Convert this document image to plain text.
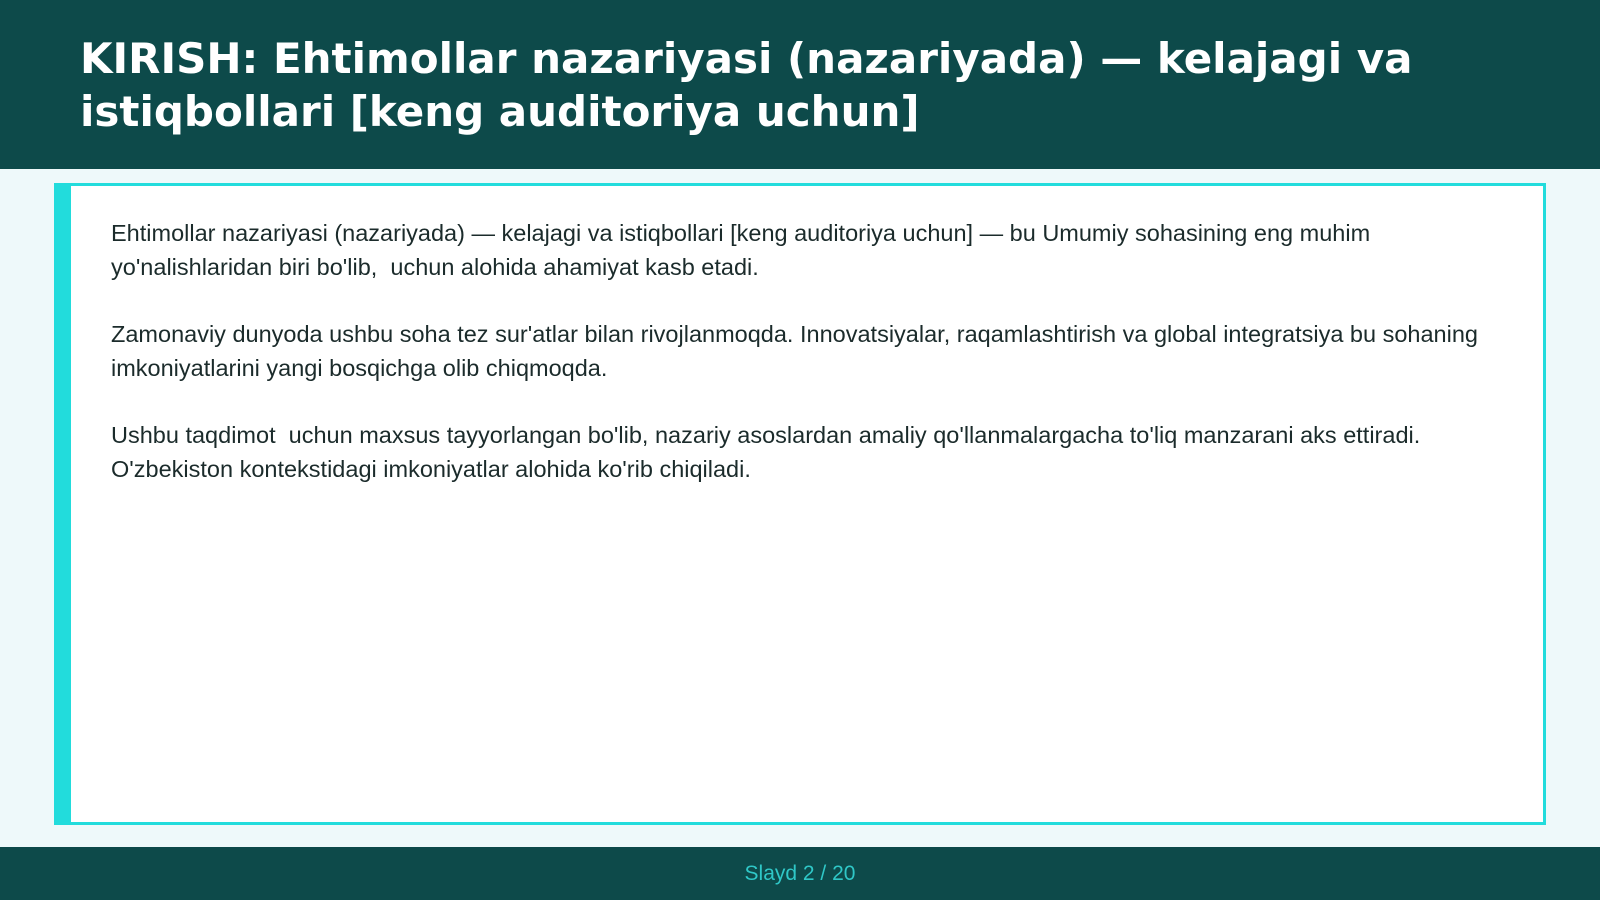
KIRISH: Ehtimollar nazariyasi (nazariyada) — kelajagi va istiqbollari [keng auditoriya uchun]

Ehtimollar nazariyasi (nazariyada) — kelajagi va istiqbollari [keng auditoriya uchun] — bu Umumiy sohasining eng muhim yo'nalishlaridan biri bo'lib,  uchun alohida ahamiyat kasb etadi.

Zamonaviy dunyoda ushbu soha tez sur'atlar bilan rivojlanmoqda. Innovatsiyalar, raqamlashtirish va global integratsiya bu sohaning imkoniyatlarini yangi bosqichga olib chiqmoqda.

Ushbu taqdimot  uchun maxsus tayyorlangan bo'lib, nazariy asoslardan amaliy qo'llanmalargacha to'liq manzarani aks ettiradi. O'zbekiston kontekstidagi imkoniyatlar alohida ko'rib chiqiladi.

Slayd 2 / 20
